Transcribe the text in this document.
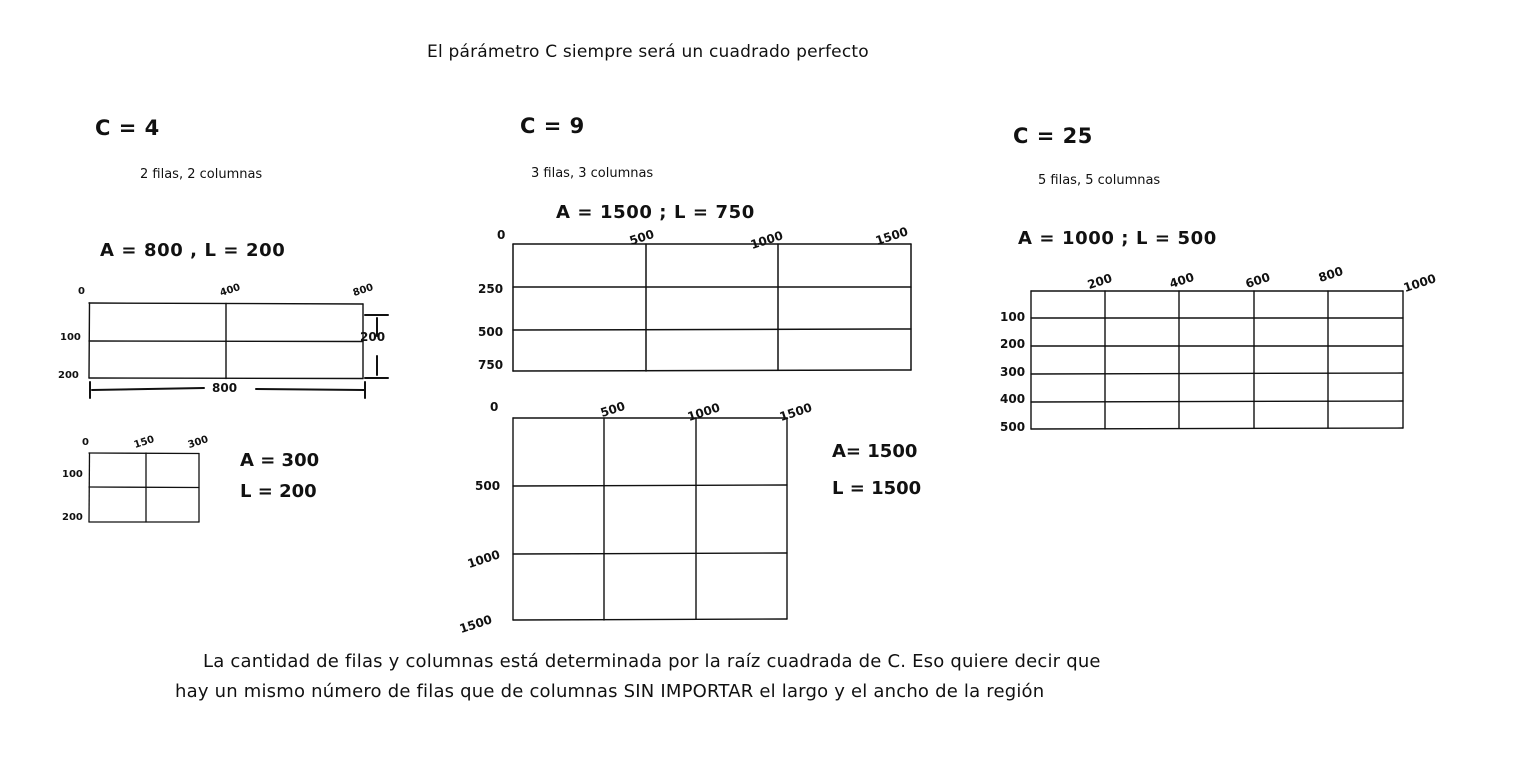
El párámetro C siempre será un cuadrado perfecto
C = 4
2 filas, 2 columnas
A = 800 , L = 200
0	400	800
100
200
200
800
0	150	300
100
200
A = 300
L = 200
C = 9
3 filas, 3 columnas
A = 1500 ; L = 750
0	500	1000	1500
250
500
750
0	500	1000	1500
500
1000
1500
A= 1500
L = 1500
C = 25
5 filas, 5 columnas
A = 1000 ; L = 500
200	400	600	800	1000
100
200
300
400
500
La cantidad de filas y columnas está determinada por la raíz cuadrada de C. Eso quiere decir que
hay un mismo número de filas que de columnas SIN IMPORTAR el largo y el ancho de la región
